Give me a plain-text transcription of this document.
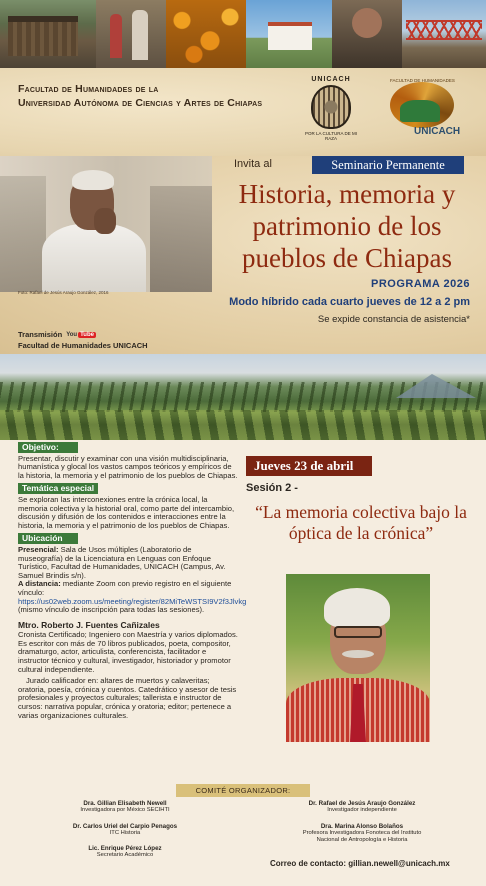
Facultad de Humanidades de la
Universidad Autónoma de Ciencias y Artes de Chiapas
UNICACH
POR LA CULTURA DE MI RAZA
FACULTAD DE HUMANIDADES
UNICACH
Foto: Rafael de Jesús Araujo González, 2016
Invita al	Seminario Permanente
Historia, memoria y patrimonio de los pueblos de Chiapas
PROGRAMA 2026
Modo híbrido cada cuarto jueves de 12 a 2 pm
Se expide constancia de asistencia*
Transmisión You Tube
Facultad de Humanidades UNICACH
Objetivo:
Presentar, discutir y examinar con una visión multidisciplinaria, humanística y glocal los vastos campos teóricos y empíricos de la historia, la memoria y el patrimonio de los pueblos de Chiapas.
Temática especial
Se exploran las interconexiones entre la crónica local, la memoria colectiva y la historial oral, como parte del intercambio, discusión y difusión de los contenidos e interacciones entre la historia, la memoria y el patrimonio de los pueblos de Chiapas.
Ubicación
Presencial: Sala de Usos múltiples (Laboratorio de museografía) de la Licenciatura en Lenguas con Enfoque Turístico, Facultad de Humanidades, UNICACH (Campus, Av. Samuel Brindis s/n).
A distancia: mediante Zoom con previo registro en el siguiente vínculo:
https://us02web.zoom.us/meeting/register/82MiTeWSTSI9V2f3Jlvkg
(mismo vínculo de inscripción para todas las sesiones).
Mtro. Roberto J. Fuentes Cañizales
Cronista Certificado; Ingeniero con Maestría y varios diplomados. Es escritor con más de 70 libros publicados, poeta, compositor, dramaturgo, actor, articulista, conferencista, facilitador e instructor técnico y cultural, investigador, historiador y promotor cultural independiente.
Jurado calificador en: altares de muertos y calaveritas; oratoria, poesía, crónica y cuentos. Catedrático y asesor de tesis profesionales y proyectos culturales; tallerista e instructor de cursos: narrativa popular, crónica y oratoria; editor; pertenece a varias organizaciones culturales.
Jueves 23 de abril
Sesión 2 -
“La memoria colectiva bajo la óptica de la crónica”
COMITÉ ORGANIZADOR:
Dra. Gillian Elisabeth Newell
Investigadora por México SECIHTI
Dr. Carlos Uriel del Carpio Penagos
ITC Historia
Lic. Enrique Pérez López
Secretario Académico
Dr. Rafael de Jesús Araujo González
Investigador independiente
Dra. Marina Alonso Bolaños
Profesora Investigadora Fonoteca del Instituto Nacional de Antropología e Historia
Correo de contacto: gillian.newell@unicach.mx
